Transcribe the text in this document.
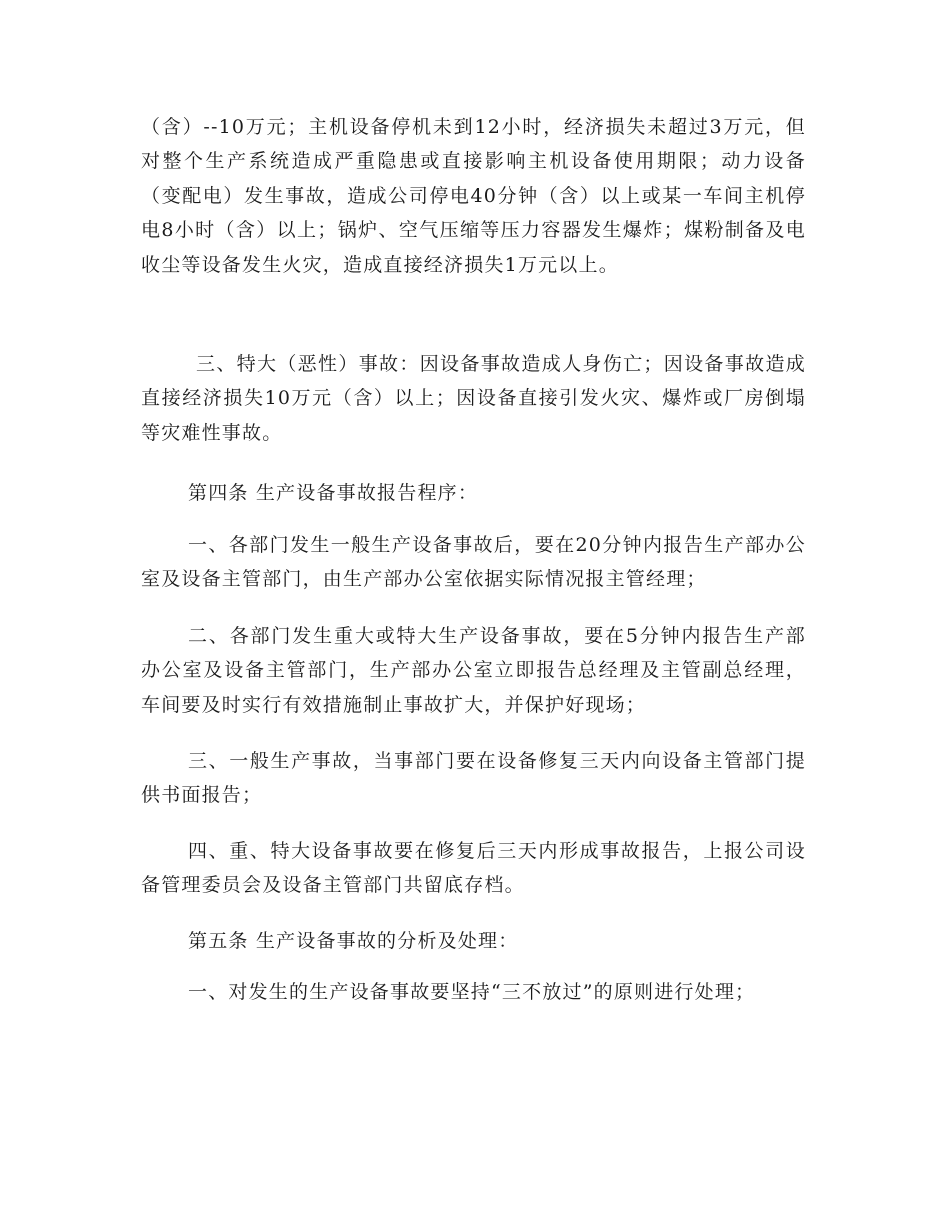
（含）--10万元；主机设备停机未到12小时，经济损失未超过3万元，但对整个生产系统造成严重隐患或直接影响主机设备使用期限；动力设备（变配电）发生事故，造成公司停电40分钟（含）以上或某一车间主机停电8小时（含）以上；锅炉、空气压缩等压力容器发生爆炸；煤粉制备及电收尘等设备发生火灾，造成直接经济损失1万元以上。

三、特大（恶性）事故：因设备事故造成人身伤亡；因设备事故造成直接经济损失10万元（含）以上；因设备直接引发火灾、爆炸或厂房倒塌等灾难性事故。

第四条 生产设备事故报告程序：

一、各部门发生一般生产设备事故后，要在20分钟内报告生产部办公室及设备主管部门，由生产部办公室依据实际情况报主管经理；

二、各部门发生重大或特大生产设备事故，要在5分钟内报告生产部办公室及设备主管部门，生产部办公室立即报告总经理及主管副总经理，车间要及时实行有效措施制止事故扩大，并保护好现场；

三、一般生产事故，当事部门要在设备修复三天内向设备主管部门提供书面报告；

四、重、特大设备事故要在修复后三天内形成事故报告，上报公司设备管理委员会及设备主管部门共留底存档。

第五条 生产设备事故的分析及处理：

一、对发生的生产设备事故要坚持“三不放过”的原则进行处理；
